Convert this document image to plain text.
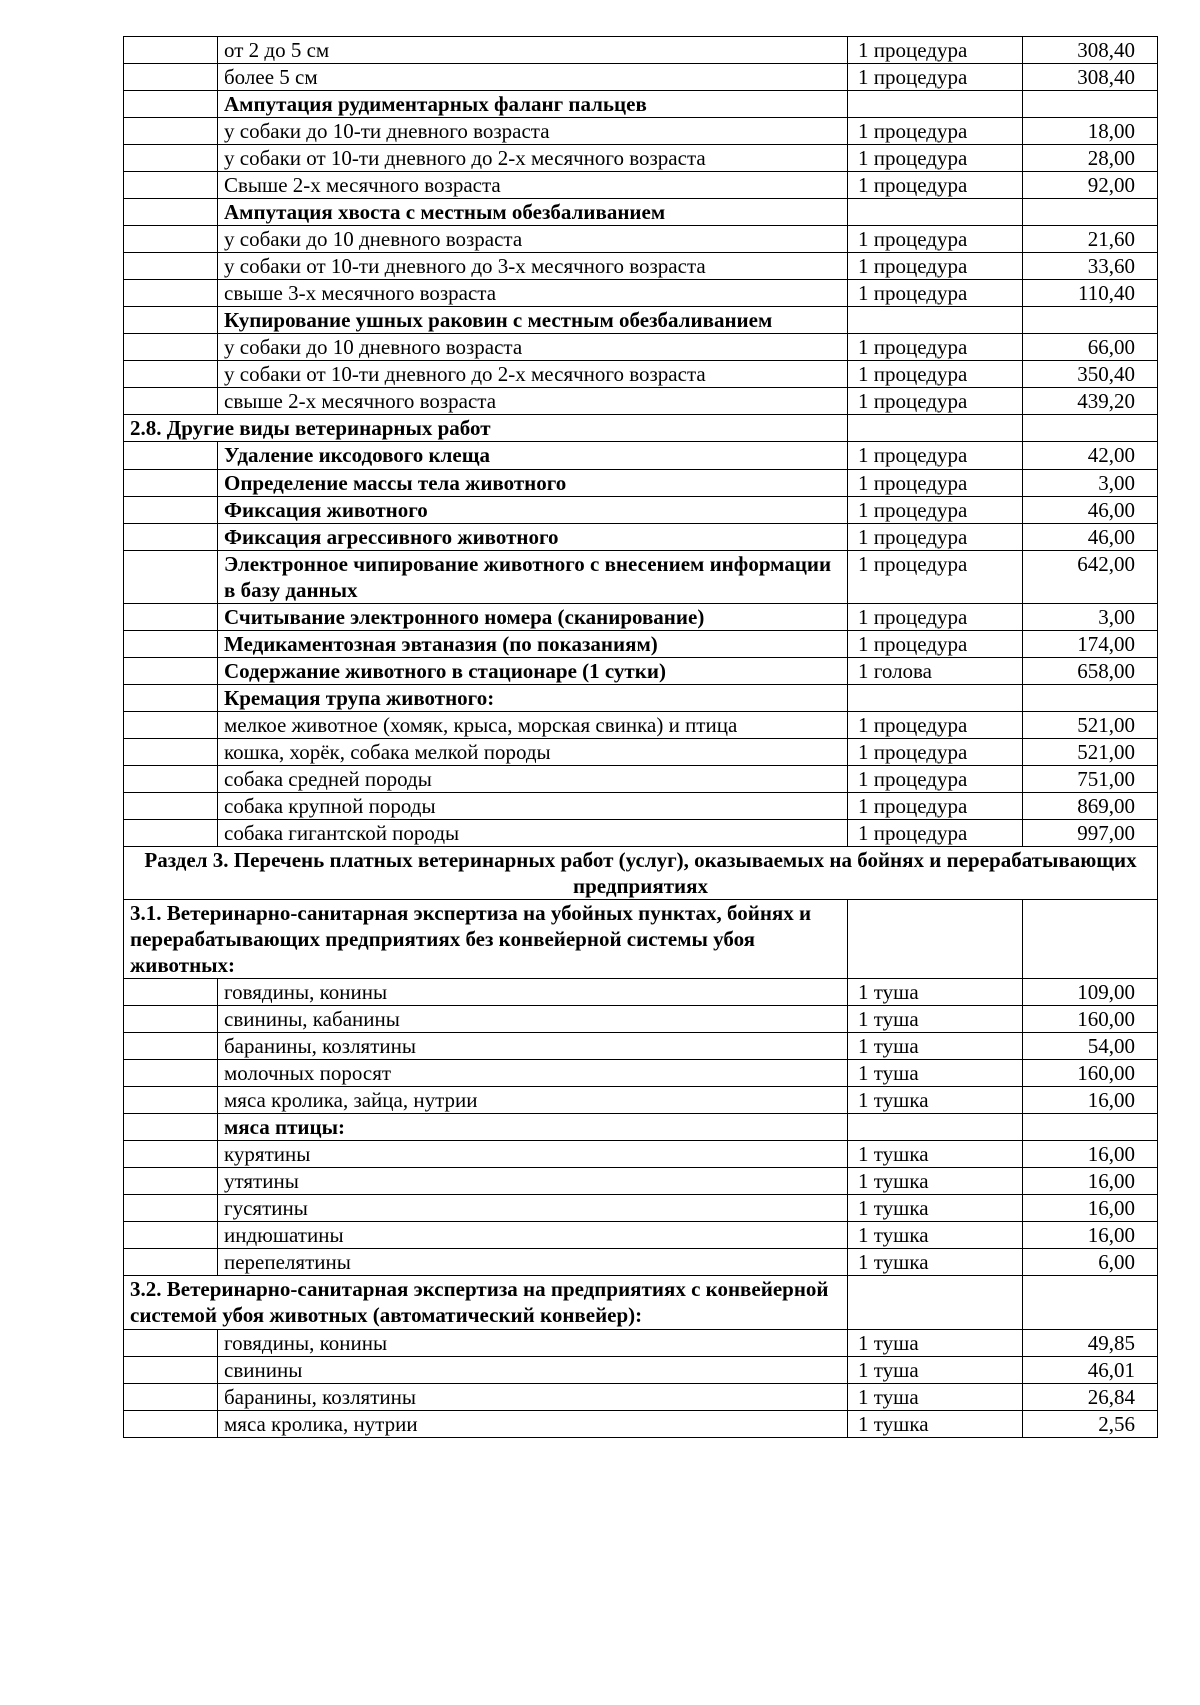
	от 2 до 5 см	1 процедура	308,40
	более 5 см	1 процедура	308,40
	Ампутация рудиментарных фаланг пальцев		
	у собаки до 10-ти дневного возраста	1 процедура	18,00
	у собаки от 10-ти дневного до 2-х месячного возраста	1 процедура	28,00
	Свыше 2-х месячного возраста	1 процедура	92,00
	Ампутация хвоста с местным обезбаливанием		
	у собаки до 10 дневного возраста	1 процедура	21,60
	у собаки от 10-ти дневного до 3-х месячного возраста	1 процедура	33,60
	свыше 3-х месячного возраста	1 процедура	110,40
	Купирование ушных раковин с местным обезбаливанием		
	у собаки до 10 дневного возраста	1 процедура	66,00
	у собаки от 10-ти дневного до 2-х месячного возраста	1 процедура	350,40
	свыше 2-х месячного возраста	1 процедура	439,20
2.8. Другие виды ветеринарных работ			
	Удаление иксодового клеща	1 процедура	42,00
	Определение массы тела животного	1 процедура	3,00
	Фиксация животного	1 процедура	46,00
	Фиксация агрессивного животного	1 процедура	46,00
	Электронное чипирование животного с внесением информации в базу данных	1 процедура	642,00
	Считывание электронного номера (сканирование)	1 процедура	3,00
	Медикаментозная эвтаназия (по показаниям)	1 процедура	174,00
	Содержание животного в стационаре (1 сутки)	1 голова	658,00
	Кремация трупа животного:		
	мелкое животное (хомяк, крыса, морская свинка) и птица	1 процедура	521,00
	кошка, хорёк, собака мелкой породы	1 процедура	521,00
	собака средней породы	1 процедура	751,00
	собака крупной породы	1 процедура	869,00
	собака гигантской породы	1 процедура	997,00
Раздел 3. Перечень платных ветеринарных работ (услуг), оказываемых на бойнях и перерабатывающих предприятиях			
3.1. Ветеринарно-санитарная экспертиза на убойных пунктах, бойнях и перерабатывающих предприятиях без конвейерной системы убоя животных:			
	говядины, конины	1 туша	109,00
	свинины, кабанины	1 туша	160,00
	баранины, козлятины	1 туша	54,00
	молочных поросят	1 туша	160,00
	мяса кролика, зайца, нутрии	1 тушка	16,00
	мяса птицы:		
	курятины	1 тушка	16,00
	утятины	1 тушка	16,00
	гусятины	1 тушка	16,00
	индюшатины	1 тушка	16,00
	перепелятины	1 тушка	6,00
3.2. Ветеринарно-санитарная экспертиза на предприятиях с конвейерной системой убоя животных (автоматический конвейер):			
	говядины, конины	1 туша	49,85
	свинины	1 туша	46,01
	баранины, козлятины	1 туша	26,84
	мяса кролика, нутрии	1 тушка	2,56
